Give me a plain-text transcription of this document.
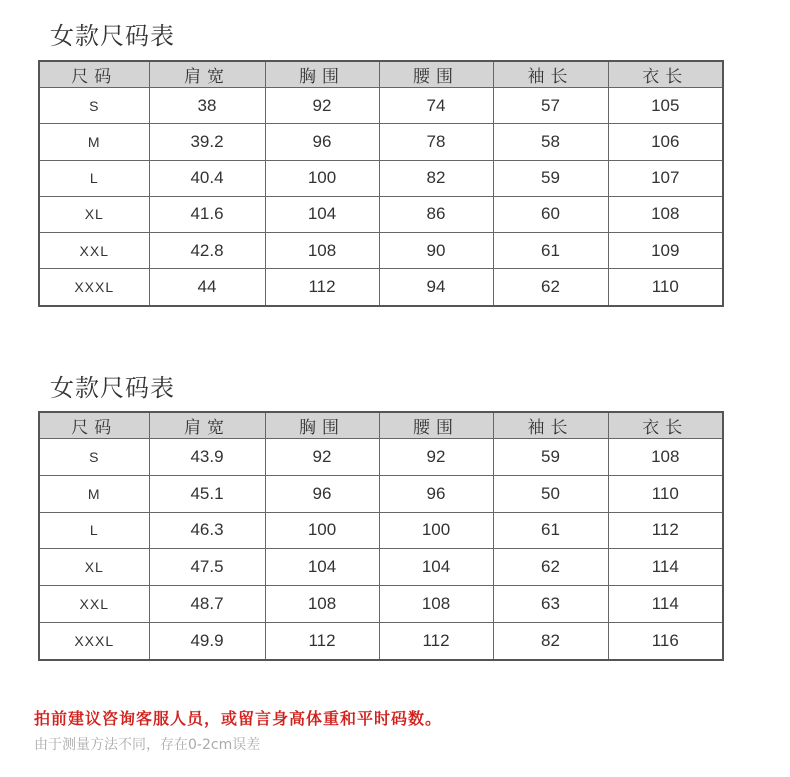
女款尺码表
尺码	肩宽	胸围	腰围	袖长	衣长
S	38	92	74	57	105
M	39.2	96	78	58	106
L	40.4	100	82	59	107
XL	41.6	104	86	60	108
XXL	42.8	108	90	61	109
XXXL	44	112	94	62	110
女款尺码表
尺码	肩宽	胸围	腰围	袖长	衣长
S	43.9	92	92	59	108
M	45.1	96	96	50	110
L	46.3	100	100	61	112
XL	47.5	104	104	62	114
XXL	48.7	108	108	63	114
XXXL	49.9	112	112	82	116
拍前建议咨询客服人员，或留言身高体重和平时码数。
由于测量方法不同，存在0-2cm误差
